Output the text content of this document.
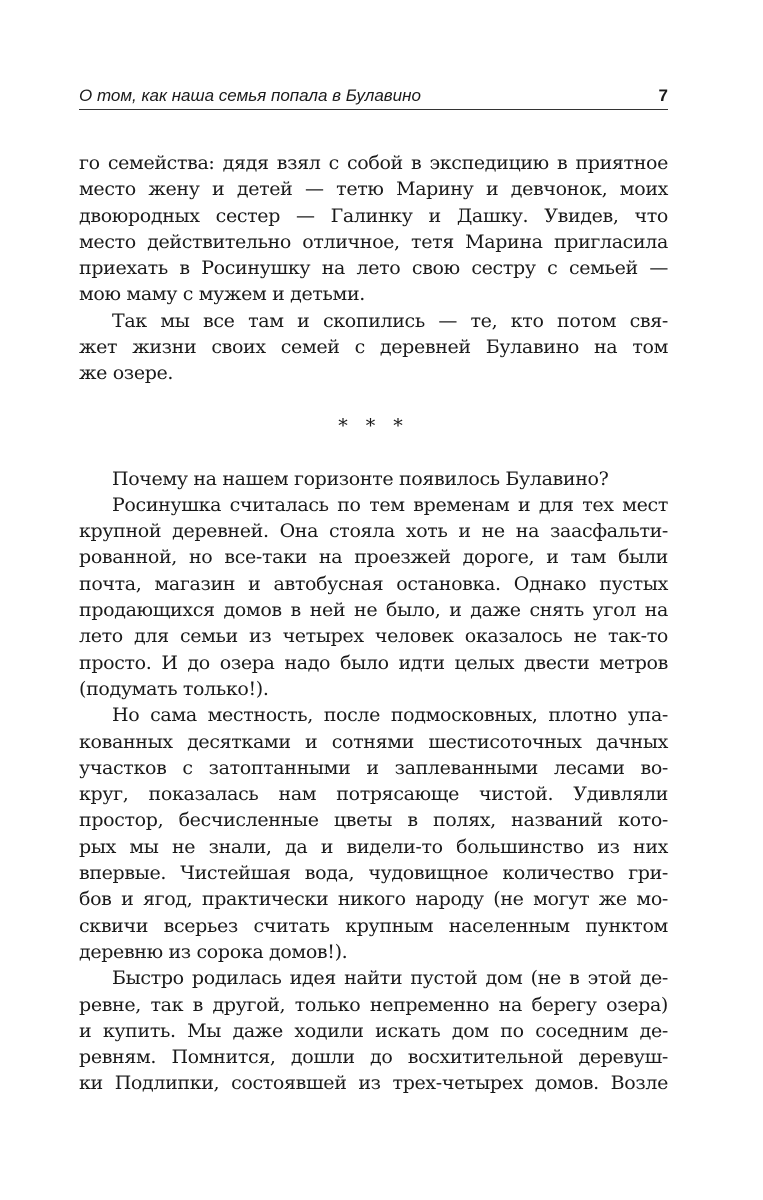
О том, как наша семья попала в Булавино	7
го семейства: дядя взял с собой в экспедицию в приятное
место жену и детей — тетю Марину и девчонок, моих
двоюродных сестер — Галинку и Дашку. Увидев, что
место действительно отличное, тетя Марина пригласила
приехать в Росинушку на лето свою сестру с семьей —
мою маму с мужем и детьми.
Так мы все там и скопились — те, кто потом свя-
жет жизни своих семей с деревней Булавино на том
же озере.
* * *
Почему на нашем горизонте появилось Булавино?
Росинушка считалась по тем временам и для тех мест
крупной деревней. Она стояла хоть и не на заасфальти-
рованной, но все-таки на проезжей дороге, и там были
почта, магазин и автобусная остановка. Однако пустых
продающихся домов в ней не было, и даже снять угол на
лето для семьи из четырех человек оказалось не так-то
просто. И до озера надо было идти целых двести метров
(подумать только!).
Но сама местность, после подмосковных, плотно упа-
кованных десятками и сотнями шестисоточных дачных
участков с затоптанными и заплеванными лесами во-
круг, показалась нам потрясающе чистой. Удивляли
простор, бесчисленные цветы в полях, названий кото-
рых мы не знали, да и видели-то большинство из них
впервые. Чистейшая вода, чудовищное количество гри-
бов и ягод, практически никого народу (не могут же мо-
сквичи всерьез считать крупным населенным пунктом
деревню из сорока домов!).
Быстро родилась идея найти пустой дом (не в этой де-
ревне, так в другой, только непременно на берегу озера)
и купить. Мы даже ходили искать дом по соседним де-
ревням. Помнится, дошли до восхитительной деревуш-
ки Подлипки, состоявшей из трех-четырех домов. Возле
